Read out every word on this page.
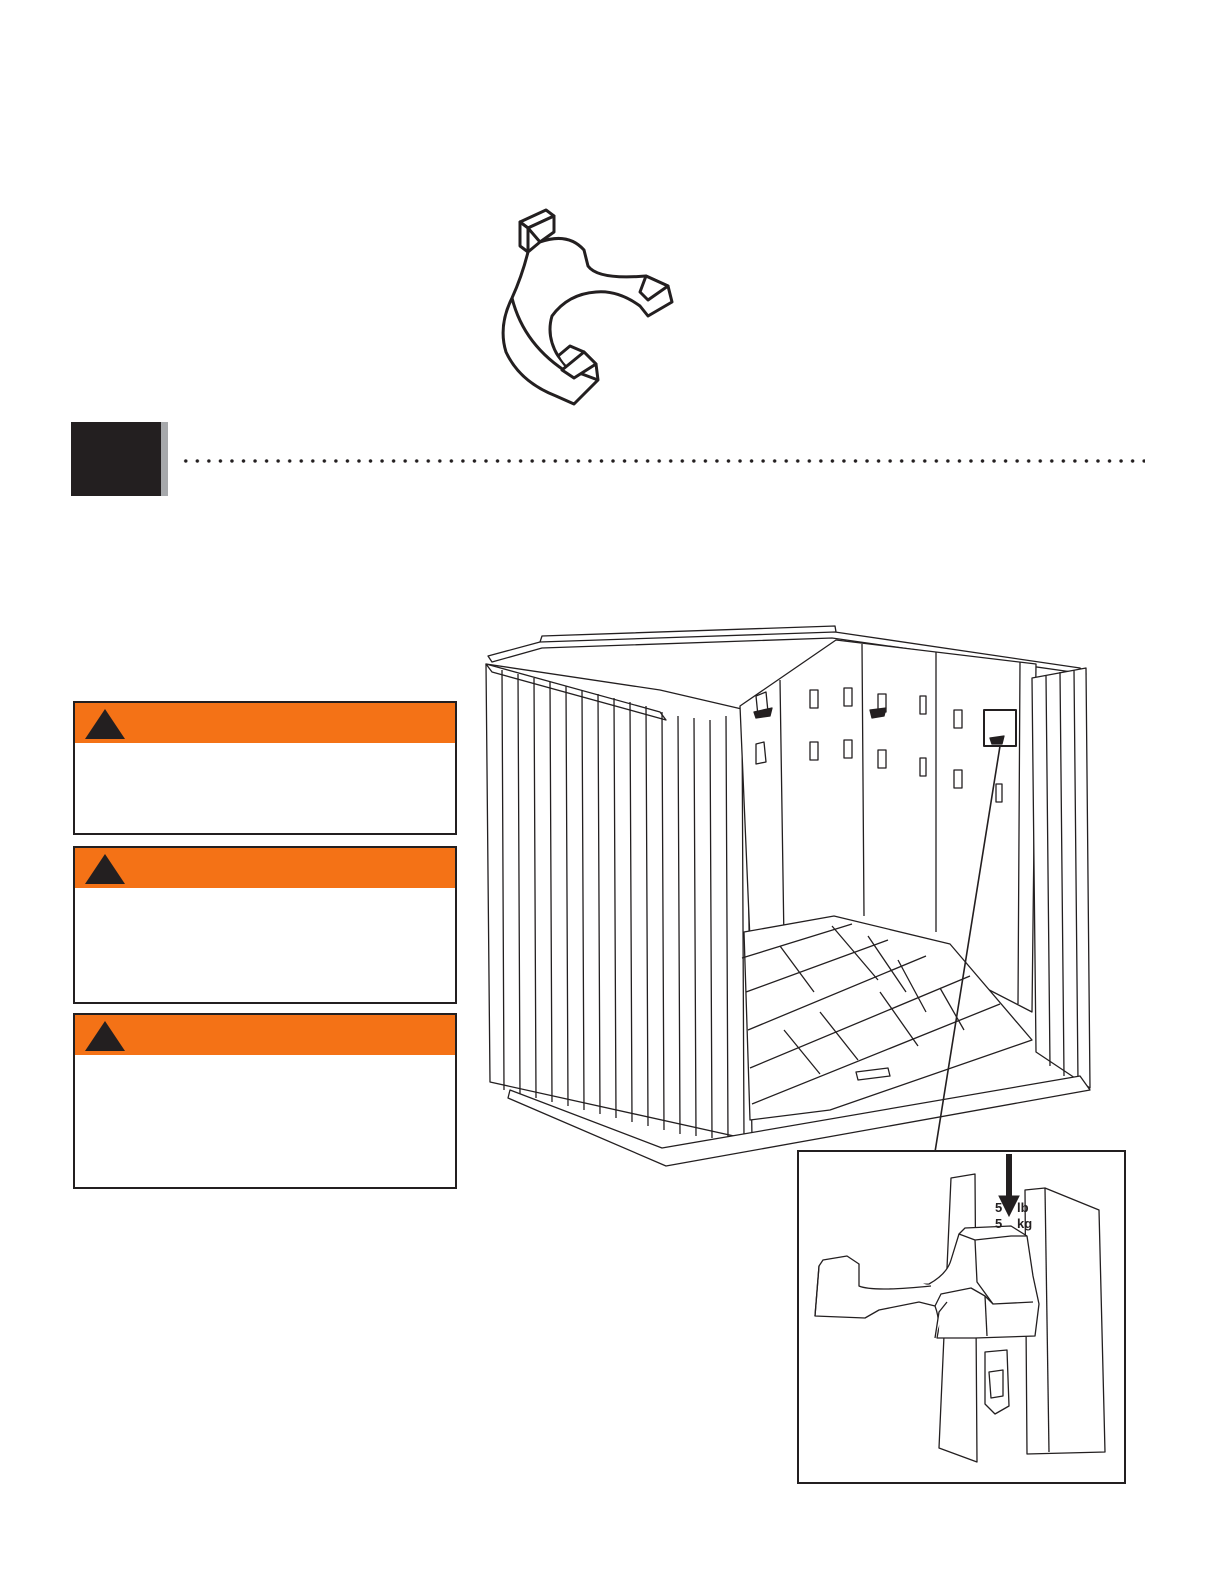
5 lb
5 kg
